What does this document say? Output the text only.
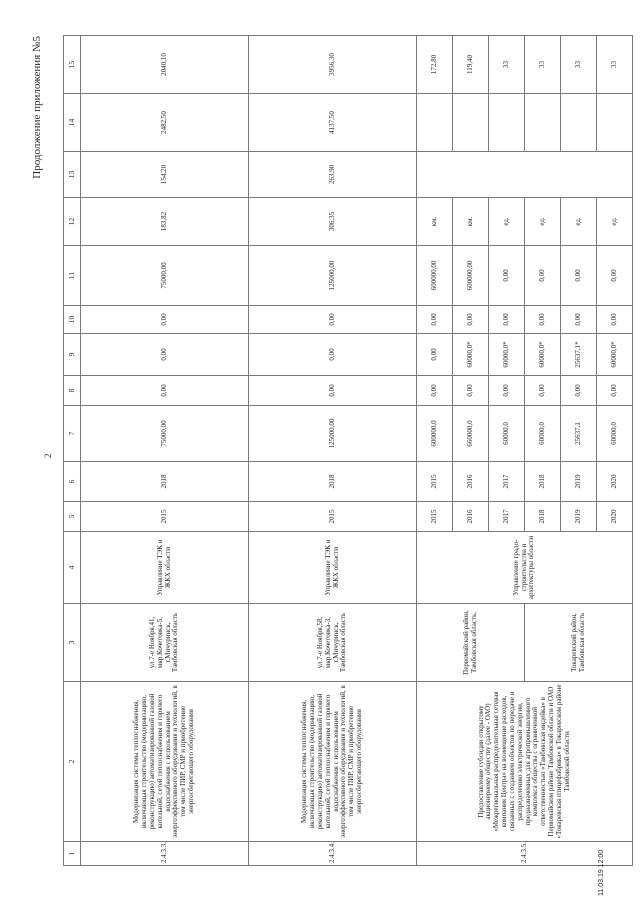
2
Продолжение приложения №5
1	2	3	4	5	6	7	8	9	10	11	12	13	14	15
2.4.3.3.	Модернизация системы теплоснабжения, включающая строительство (модернизацию, реконструкцию) автоматизированной газовой котельной, сетей теплоснабжения и горячего водоснабжения с использованием энергоэффективного оборудования и технологий, в том числе ПИР, СМР и приобретение энергосберегающего оборудования	ул.7-е Ноября,41, мкр.Кочетовка-5, г.Мичуринск, Тамбовская область	Управление ТЭК и ЖКХ области	2015	2018	75000,00	0,00	0,00	0,00	75000,00	183,82	154,20	2482,50	2040,10
2.4.3.4.	Модернизация системы теплоснабжения, включающая строительство (модернизацию, реконструкцию) автоматизированной газовой котельной, сетей теплоснабжения и горячего водоснабжения с использованием энергоэффективного оборудования и технологий, в том числе ПИР, СМР и приобретение энергосберегающего оборудования	ул.7-е Ноября,58, мкр.Кочетовка-3, г.Мичуринск, Тамбовская область	Управление ТЭК и ЖКХ области	2015	2018	125000,00	0,00	0,00	0,00	125000,00	306,35	263,90	4137,50	3956,30
2.4.3.5.	Предоставление субсидии открытому акционерному обществу (далее - ОАО) «Межрегиональная распределительная сетевая компания Центра» на возмещение расходов, связанных с созданием объектов по передаче и распределению электрической энергии, предназначенных для агропромышленного комплекса общества с ограниченной ответственностью «Тамбовская индейка» в Первомайском районе Тамбовской области и ОАО «Токаревская птицефабрика» в Токаревском районе Тамбовской области	Первомайский район, Тамбовская область,	Управление градо-строительства и архитектуры области	2015	2015	600000,0	0,00	0,00	0,00	600000,00	км.			172,80
				2016	2016	660000,0	0,00	60000,0*	0,00	600000,00	км.			119,40
				2017	2017	60000,0	0,00	60000,0*	0,00	0,00	ед.			33
		Токаревский район, Тамбовская область		2018	2018	60000,0	0,00	60000,0*	0,00	0,00	ед.			33
				2019	2019	25637,1	0,00	25637,1*	0,00	0,00	ед.			33
				2020	2020	60000,0	0,00	60000,0*	0,00	0,00	ед.			33
11.03.19 12:00
